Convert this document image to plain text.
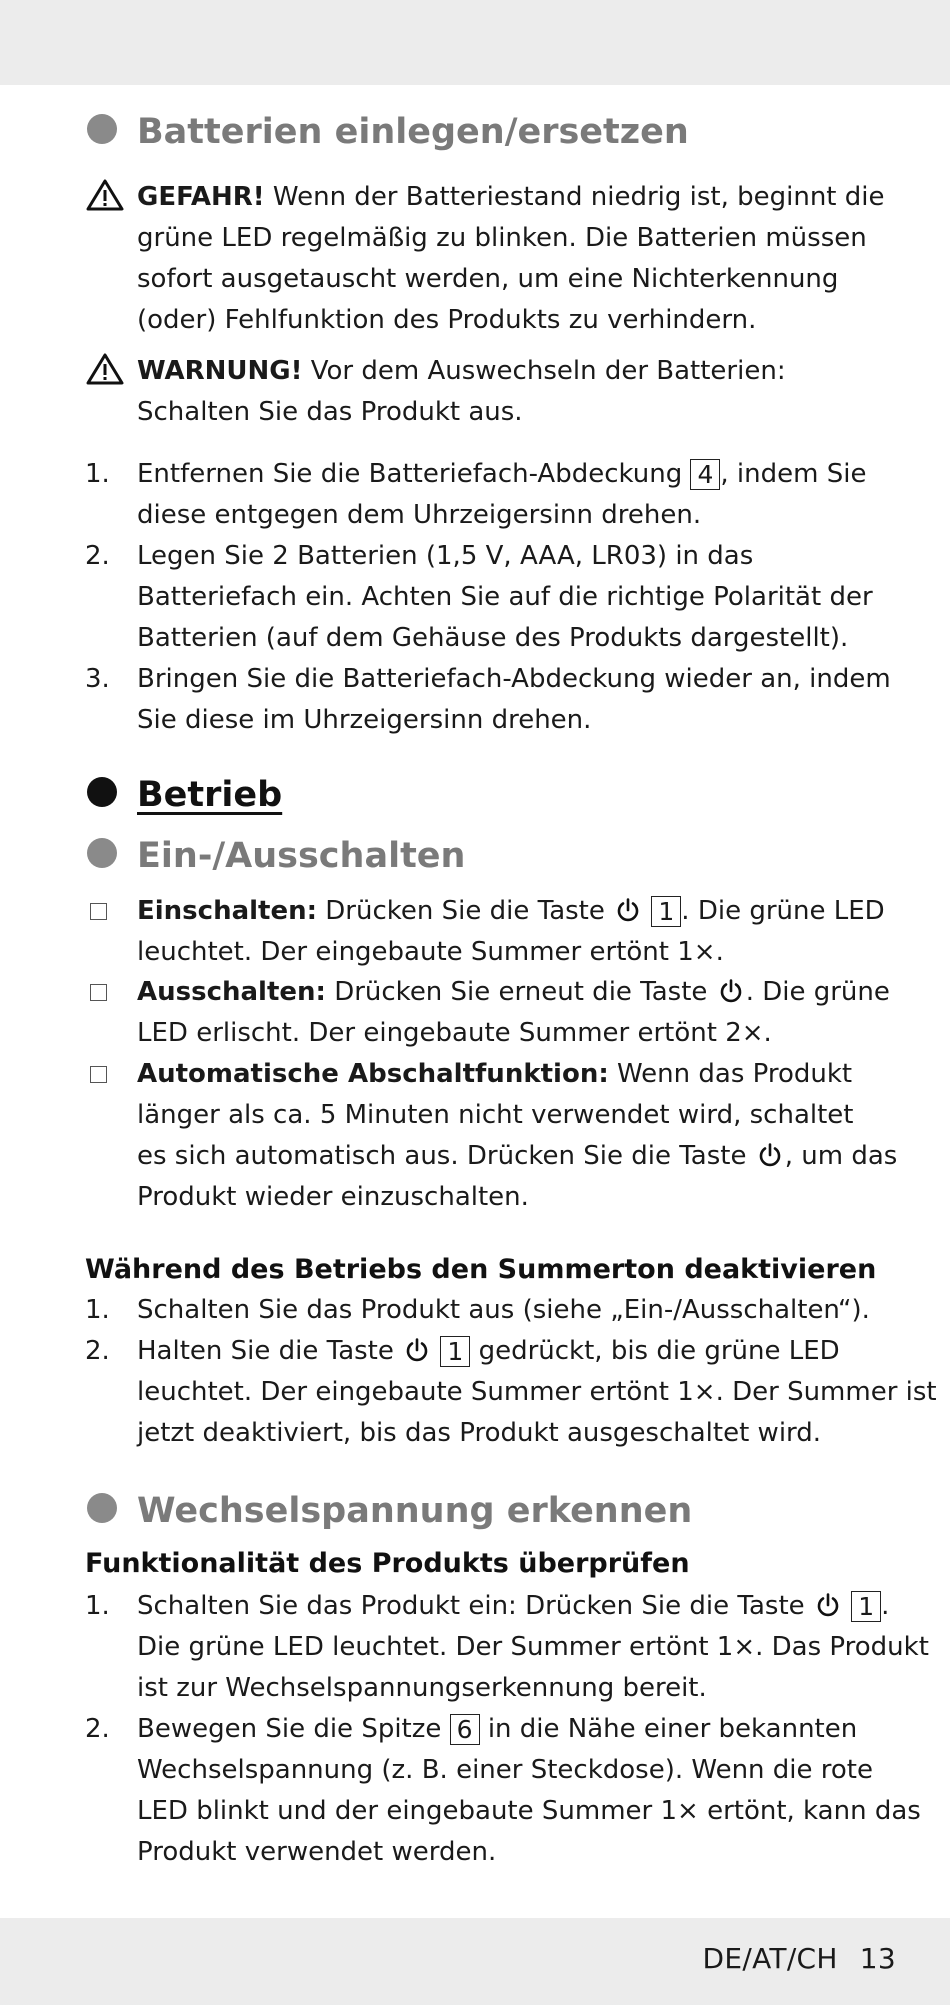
Batterien einlegen/ersetzen
GEFAHR! Wenn der Batteriestand niedrig ist, beginnt die
grüne LED regelmäßig zu blinken. Die Batterien müssen
sofort ausgetauscht werden, um eine Nichterkennung
(oder) Fehlfunktion des Produkts zu verhindern.
WARNUNG! Vor dem Auswechseln der Batterien:
Schalten Sie das Produkt aus.
1. Entfernen Sie die Batteriefach-Abdeckung 4 , indem Sie
diese entgegen dem Uhrzeigersinn drehen.
2. Legen Sie 2 Batterien (1,5 V, AAA, LR03) in das
Batteriefach ein. Achten Sie auf die richtige Polarität der
Batterien (auf dem Gehäuse des Produkts dargestellt).
3. Bringen Sie die Batteriefach-Abdeckung wieder an, indem
Sie diese im Uhrzeigersinn drehen.
Betrieb
Ein-/Ausschalten
Einschalten: Drücken Sie die Taste  1 . Die grüne LED
leuchtet. Der eingebaute Summer ertönt 1×.
Ausschalten: Drücken Sie erneut die Taste . Die grüne
LED erlischt. Der eingebaute Summer ertönt 2×.
Automatische Abschaltfunktion: Wenn das Produkt
länger als ca. 5 Minuten nicht verwendet wird, schaltet
es sich automatisch aus. Drücken Sie die Taste , um das
Produkt wieder einzuschalten.
Während des Betriebs den Summerton deaktivieren
1. Schalten Sie das Produkt aus (siehe „Ein-/Ausschalten“).
2. Halten Sie die Taste  1 gedrückt, bis die grüne LED
leuchtet. Der eingebaute Summer ertönt 1×. Der Summer ist
jetzt deaktiviert, bis das Produkt ausgeschaltet wird.
Wechselspannung erkennen
Funktionalität des Produkts überprüfen
1. Schalten Sie das Produkt ein: Drücken Sie die Taste  1 .
Die grüne LED leuchtet. Der Summer ertönt 1×. Das Produkt
ist zur Wechselspannungserkennung bereit.
2. Bewegen Sie die Spitze 6 in die Nähe einer bekannten
Wechselspannung (z. B. einer Steckdose). Wenn die rote
LED blinkt und der eingebaute Summer 1× ertönt, kann das
Produkt verwendet werden.
DE/AT/CH 13
